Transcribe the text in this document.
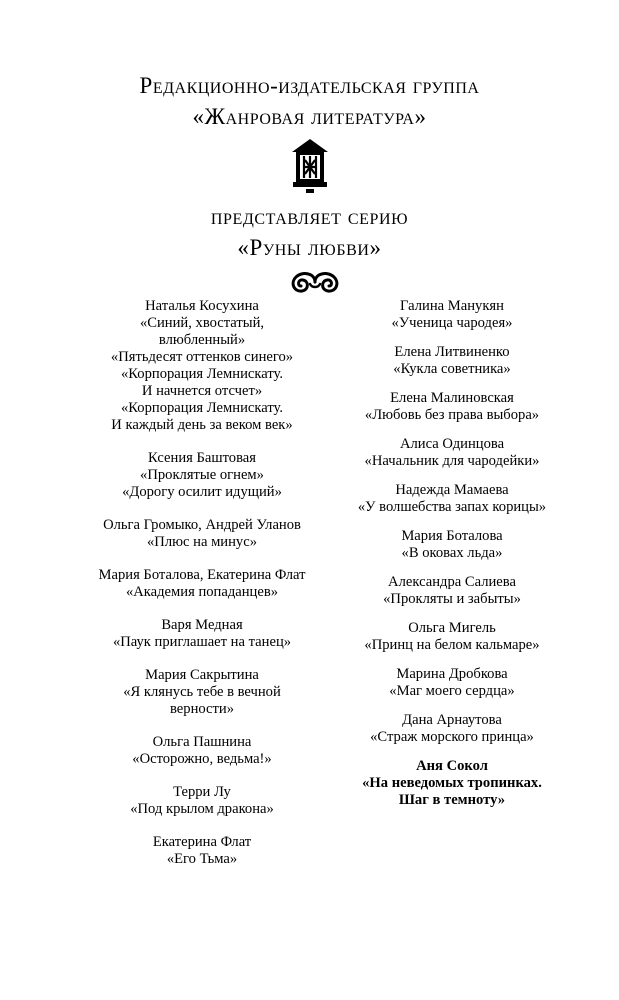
Редакционно-издательская группа
«Жанровая литература»
представляет серию
«Руны любви»
Наталья Косухина
«Синий, хвостатый,
влюбленный»
«Пятьдесят оттенков синего»
«Корпорация Лемнискату.
И начнется отсчет»
«Корпорация Лемнискату.
И каждый день за веком век»
Ксения Баштовая
«Проклятые огнем»
«Дорогу осилит идущий»
Ольга Громыко, Андрей Уланов
«Плюс на минус»
Мария Боталова, Екатерина Флат
«Академия попаданцев»
Варя Медная
«Паук приглашает на танец»
Мария Сакрытина
«Я клянусь тебе в вечной
верности»
Ольга Пашнина
«Осторожно, ведьма!»
Терри Лу
«Под крылом дракона»
Екатерина Флат
«Его Тьма»
Галина Манукян
«Ученица чародея»
Елена Литвиненко
«Кукла советника»
Елена Малиновская
«Любовь без права выбора»
Алиса Одинцова
«Начальник для чародейки»
Надежда Мамаева
«У волшебства запах корицы»
Мария Боталова
«В оковах льда»
Александра Салиева
«Прокляты и забыты»
Ольга Мигель
«Принц на белом кальмаре»
Марина Дробкова
«Маг моего сердца»
Дана Арнаутова
«Страж морского принца»
Аня Сокол
«На неведомых тропинках.
Шаг в темноту»
